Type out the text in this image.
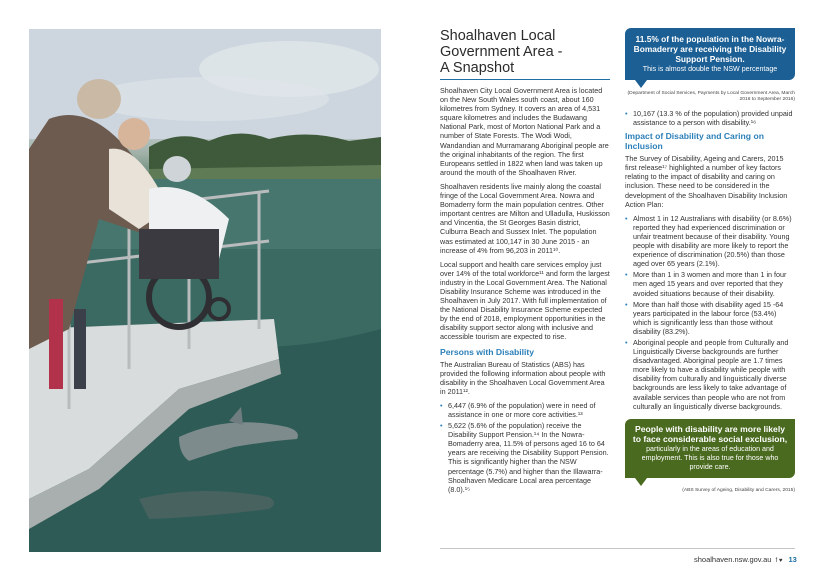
Shoalhaven Local
Government Area -
A Snapshot

Shoalhaven City Local Government Area is located on the New South Wales south coast, about 160 kilometres from Sydney. It covers an area of 4,531 square kilometres and includes the Budawang National Park, most of Morton National Park and a number of State Forests. The Wodi Wodi, Wandandian and Murramarang Aboriginal people are the original inhabitants of the region. The first Europeans settled in 1822 when land was taken up around the mouth of the Shoalhaven River.

Shoalhaven residents live mainly along the coastal fringe of the Local Government Area. Nowra and Bomaderry form the main population centres. Other important centres are Milton and Ulladulla, Huskisson and Vincentia, the St Georges Basin district, Culburra Beach and Sussex Inlet. The population was estimated at 100,147 in 30 June 2015 - an increase of 4% from 96,203 in 2011¹⁰.

Local support and health care services employ just over 14% of the total workforce¹¹ and form the largest industry in the Local Government Area. The National Disability Insurance Scheme was introduced in the Shoalhaven in July 2017. With full implementation of the National Disability Insurance Scheme expected by the end of 2018, employment opportunities in the disability support sector along with inclusive and accessible tourism are expected to rise.

Persons with Disability

The Australian Bureau of Statistics (ABS) has provided the following information about people with disability in the Shoalhaven Local Government Area in 2011¹².

• 6,447 (6.9% of the population) were in need of assistance in one or more core activities.¹³
• 5,622 (5.6% of the population) receive the Disability Support Pension.¹⁴ In the Nowra-Bomaderry area, 11.5% of persons aged 16 to 64 years are receiving the Disability Support Pension. This is significantly higher than the NSW percentage (5.7%) and higher than the Illawarra-Shoalhaven Medicare Local area percentage (8.0).¹⁵
11.5% of the population in the Nowra-Bomaderry are receiving the Disability Support Pension.
This is almost double the NSW percentage
(Department of Social Services, Payments by Local Government Area, March 2016 to September 2016)
• 10,167 (13.3 % of the population) provided unpaid assistance to a person with disability.¹⁶
Impact of Disability and Caring on Inclusion

The Survey of Disability, Ageing and Carers, 2015 first release¹⁷ highlighted a number of key factors relating to the impact of disability and caring on inclusion. These need to be considered in the development of the Shoalhaven Disability Inclusion Action Plan:

• Almost 1 in 12 Australians with disability (or 8.6%) reported they had experienced discrimination or unfair treatment because of their disability. Young people with disability are more likely to report the experience of discrimination (20.5%) than those aged over 65 years (2.1%).
• More than 1 in 3 women and more than 1 in four men aged 15 years and over reported that they avoided situations because of their disability.
• More than half those with disability aged 15 -64 years participated in the labour force (53.4%) which is significantly less than those without disability (83.2%).
• Aboriginal people and people from Culturally and Linguistically Diverse backgrounds are further disadvantaged. Aboriginal people are 1.7 times more likely to have a disability while people with disability from culturally and linguistically diverse backgrounds are less likely to take advantage of available services than people who are not from culturally an linguistically diverse backgrounds.
People with disability are more likely to face considerable social exclusion,
particularly in the areas of education and employment. This is also true for those who provide care.
(ABS Survey of Ageing, Disability and Carers, 2015)
shoalhaven.nsw.gov.au f ♥ 13
